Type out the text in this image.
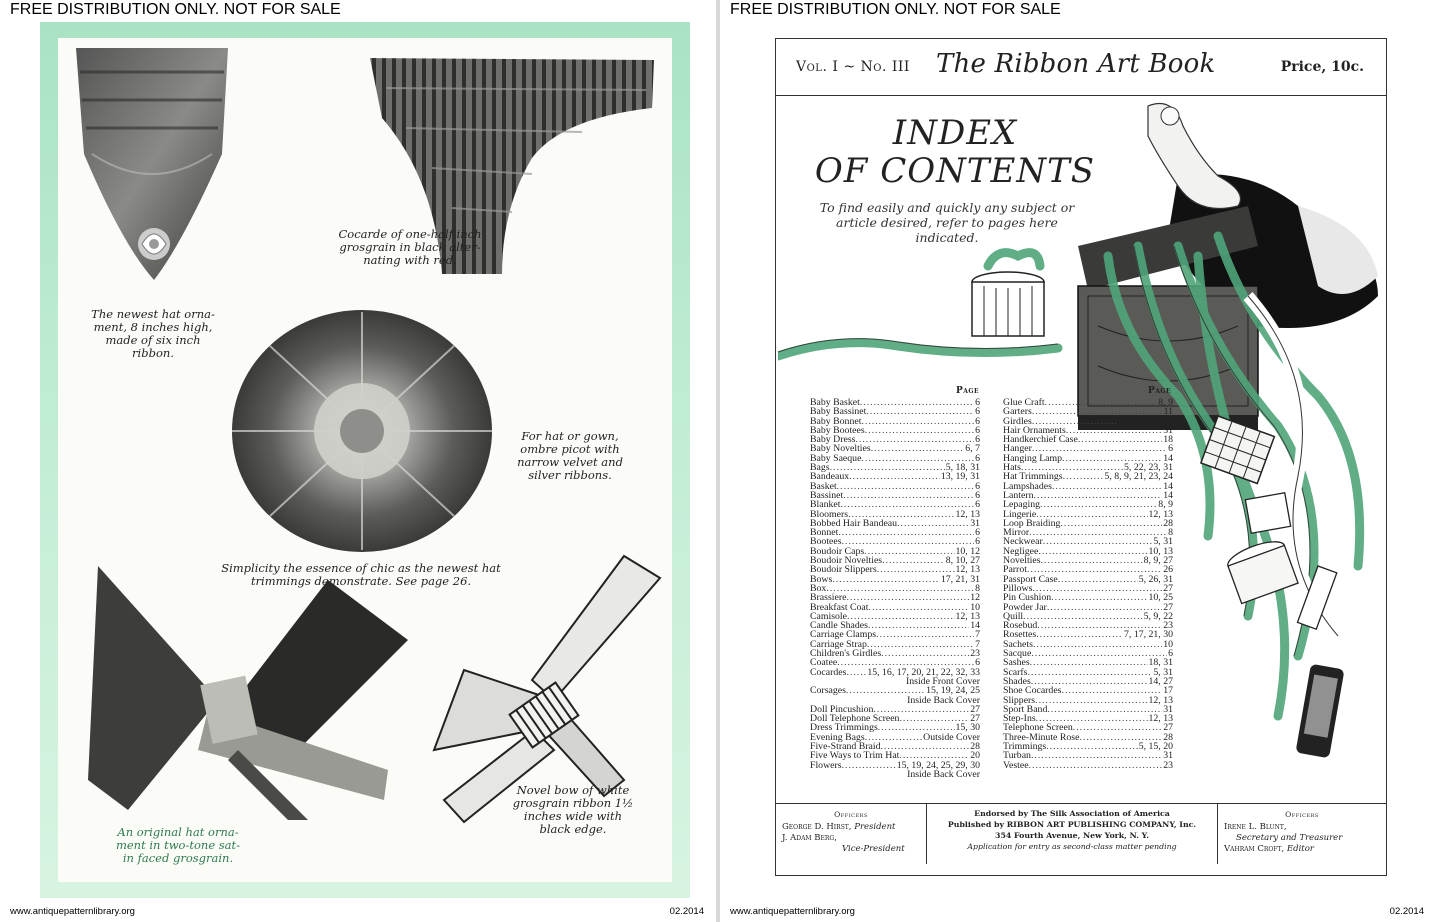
FREE DISTRIBUTION ONLY. NOT FOR SALE
The newest hat orna-
ment, 8 inches high,
made of six inch
ribbon.
Cocarde of one-half inch
grosgrain in black alter-
nating with red.
For hat or gown,
ombre picot with
narrow velvet and
silver ribbons.
Simplicity the essence of chic as the newest hat
trimmings demonstrate. See page 26.
An original hat orna-
ment in two-tone sat-
in faced grosgrain.
Novel bow of white
grosgrain ribbon 1½
inches wide with
black edge.
www.antiquepatternlibrary.org	02.2014
FREE DISTRIBUTION ONLY. NOT FOR SALE
Vol. I ~ No. III The Ribbon Art Book	Price, 10c.
INDEX
OF CONTENTS
To find easily and quickly any subject or article desired, refer to pages here indicated.
Page	Page
Baby Basket .....	6
Baby Bassinet .....	6
Baby Bonnet .....	6
Baby Bootees .....	6
Baby Dress .....	6
Baby Novelties .....	6, 7
Baby Saeque .....	6
Bags .....	5, 18, 31
Bandeaux .....	13, 19, 31
Basket .....	6
Bassinet .....	6
Blanket .....	6
Bloomers .....	12, 13
Bobbed Hair Bandeau .....	31
Bonnet .....	6
Bootees .....	6
Boudoir Caps .....	10, 12
Boudoir Novelties .....	8, 10, 27
Boudoir Slippers .....	12, 13
Bows .....	17, 21, 31
Box .....	8
Brassiere .....	12
Breakfast Coat .....	10
Camisole .....	12, 13
Candle Shades .....	14
Carriage Clamps .....	7
Carriage Strap .....	7
Children's Girdles .....	23
Coatee .....	6
Cocardes ..... 15, 16, 17, 20, 21, 22, 32, 33
Inside Front Cover
Corsages .....	15, 19, 24, 25
Inside Back Cover
Doll Pincushion .....	27
Doll Telephone Screen .....	27
Dress Trimmings .....	15, 30
Evening Bags .....	Outside Cover
Five-Strand Braid .....	28
Five Ways to Trim Hat .....	20
Flowers .....	15, 19, 24, 25, 29, 30
Inside Back Cover
Glue Craft .....	8, 9
Garters .....	11
Girdles .....	18, 22, 23, 34
Hair Ornaments .....	31
Handkerchief Case .....	18
Hanger .....	6
Hanging Lamp .....	14
Hats .....	5, 22, 23, 31
Hat Trimmings .....	5, 8, 9, 21, 23, 24
Lampshades .....	14
Lantern .....	14
Lepaging .....	8, 9
Lingerie .....	12, 13
Loop Braiding .....	28
Mirror .....	8
Neckwear .....	5, 31
Negligee .....	10, 13
Novelties .....	8, 9, 27
Parrot .....	26
Passport Case .....	5, 26, 31
Pillows .....	27
Pin Cushion .....	10, 25
Powder Jar .....	27
Quill .....	5, 9, 22
Rosebud .....	23
Rosettes .....	7, 17, 21, 30
Sachets .....	10
Sacque .....	6
Sashes .....	18, 31
Scarfs .....	5, 31
Shades .....	14, 27
Shoe Cocardes .....	17
Slippers .....	12, 13
Sport Band .....	31
Step-Ins .....	12, 13
Telephone Screen .....	27
Three-Minute Rose .....	28
Trimmings .....	5, 15, 20
Turban .....	31
Vestee .....	23
Officers
George D. Hirst, President
J. Adam Berg,
Vice-President
Endorsed by The Silk Association of America
Published by RIBBON ART PUBLISHING COMPANY, Inc.
354 Fourth Avenue, New York, N. Y.
Application for entry as second-class matter pending
Officers
Irene L. Blunt,
Secretary and Treasurer
Vahram Croft, Editor
www.antiquepatternlibrary.org	02.2014
